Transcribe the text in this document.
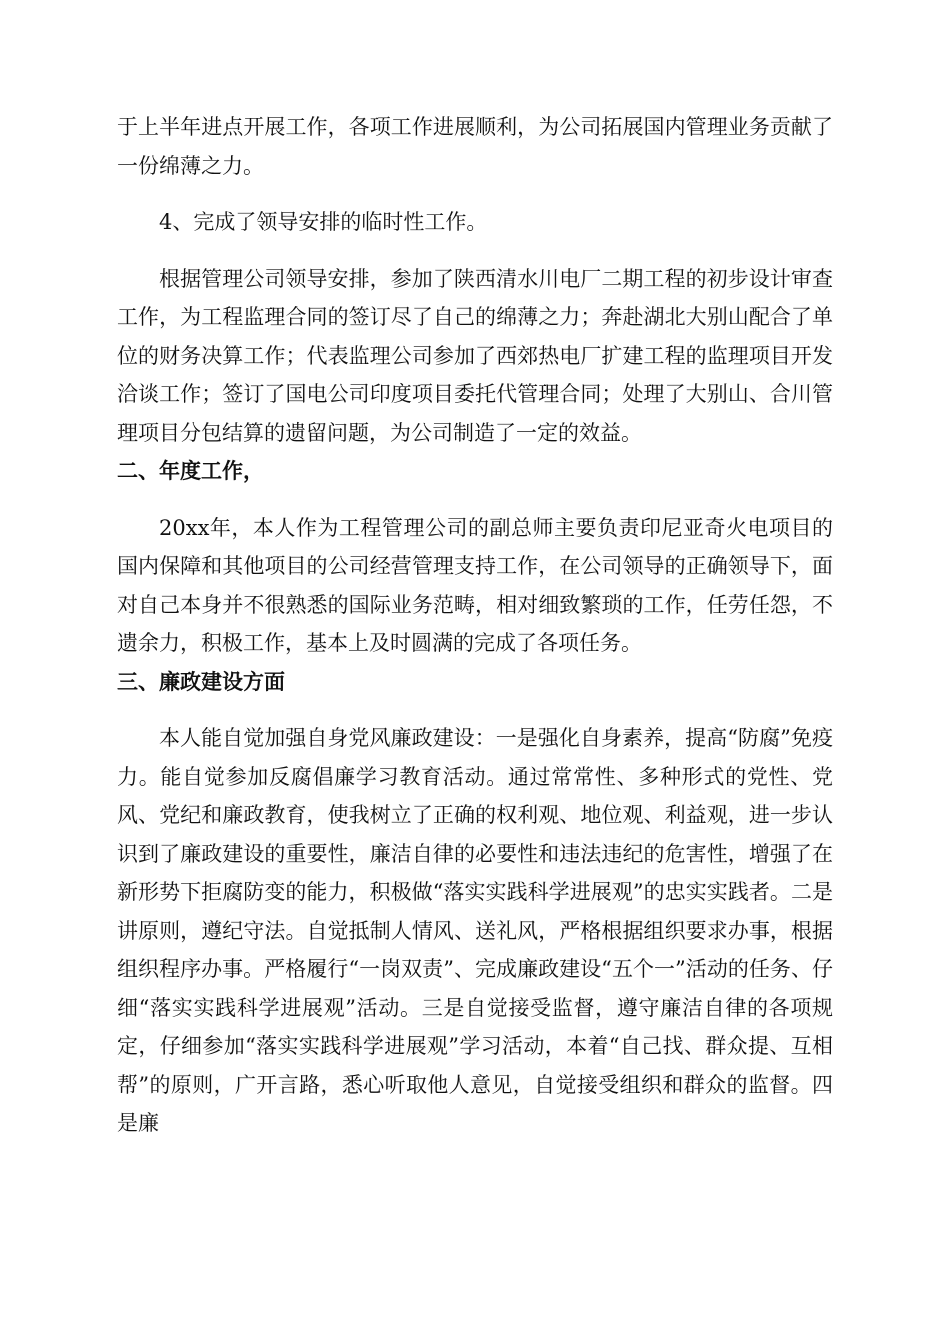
于上半年进点开展工作，各项工作进展顺利，为公司拓展国内管理业务贡献了一份绵薄之力。

4、完成了领导安排的临时性工作。

根据管理公司领导安排，参加了陕西清水川电厂二期工程的初步设计审查工作，为工程监理合同的签订尽了自己的绵薄之力；奔赴湖北大别山配合了单位的财务决算工作；代表监理公司参加了西郊热电厂扩建工程的监理项目开发洽谈工作；签订了国电公司印度项目委托代管理合同；处理了大别山、合川管理项目分包结算的遗留问题，为公司制造了一定的效益。

二、年度工作，

20xx年，本人作为工程管理公司的副总师主要负责印尼亚奇火电项目的国内保障和其他项目的公司经营管理支持工作，在公司领导的正确领导下，面对自己本身并不很熟悉的国际业务范畴，相对细致繁琐的工作，任劳任怨，不遗余力，积极工作，基本上及时圆满的完成了各项任务。

三、廉政建设方面

本人能自觉加强自身党风廉政建设：一是强化自身素养，提高“防腐”免疫力。能自觉参加反腐倡廉学习教育活动。通过常常性、多种形式的党性、党风、党纪和廉政教育，使我树立了正确的权利观、地位观、利益观，进一步认识到了廉政建设的重要性，廉洁自律的必要性和违法违纪的危害性，增强了在新形势下拒腐防变的能力，积极做“落实实践科学进展观”的忠实实践者。二是讲原则，遵纪守法。自觉抵制人情风、送礼风，严格根据组织要求办事，根据组织程序办事。严格履行“一岗双责”、完成廉政建设“五个一”活动的任务、仔细“落实实践科学进展观”活动。三是自觉接受监督，遵守廉洁自律的各项规定，仔细参加“落实实践科学进展观”学习活动，本着“自己找、群众提、互相帮”的原则，广开言路，悉心听取他人意见，自觉接受组织和群众的监督。四是廉
